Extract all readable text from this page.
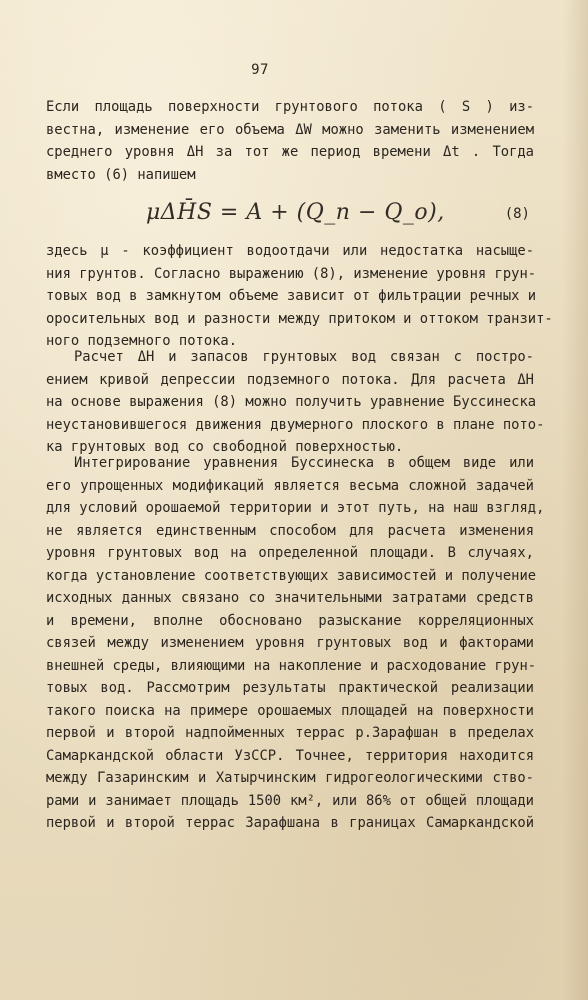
97
Если площадь поверхности грунтового потока ( S ) из-
вестна, изменение его объема ΔW можно заменить изменением
среднего уровня ΔH за тот же период времени Δt . Тогда
вместо (6) напишем
μΔH̄S = A + (Q_п − Q_о),	(8)
здесь μ - коэффициент водоотдачи или недостатка насыще-
ния грунтов. Согласно выражению (8), изменение уровня грун-
товых вод в замкнутом объеме зависит от фильтрации речных и
оросительных вод и разности между притоком и оттоком транзит-
ного подземного потока.
Расчет ΔH и запасов грунтовых вод связан с постро-
ением кривой депрессии подземного потока. Для расчета ΔH
на основе выражения (8) можно получить уравнение Буссинеска
неустановившегося движения двумерного плоского в плане пото-
ка грунтовых вод со свободной поверхностью.
Интегрирование уравнения Буссинеска в общем виде или
его упрощенных модификаций является весьма сложной задачей
для условий орошаемой территории и этот путь, на наш взгляд,
не является единственным способом для расчета изменения
уровня грунтовых вод на определенной площади. В случаях,
когда установление соответствующих зависимостей и получение
исходных данных связано со значительными затратами средств
и времени, вполне обосновано разыскание корреляционных
связей между изменением уровня грунтовых вод и факторами
внешней среды, влияющими на накопление и расходование грун-
товых вод. Рассмотрим результаты практической реализации
такого поиска на примере орошаемых площадей на поверхности
первой и второй надпойменных террас р.Зарафшан в пределах
Самаркандской области УзССР. Точнее, территория находится
между Газаринским и Хатырчинским гидрогеологическими ство-
рами и занимает площадь 1500 км², или 86% от общей площади
первой и второй террас Зарафшана в границах Самаркандской
